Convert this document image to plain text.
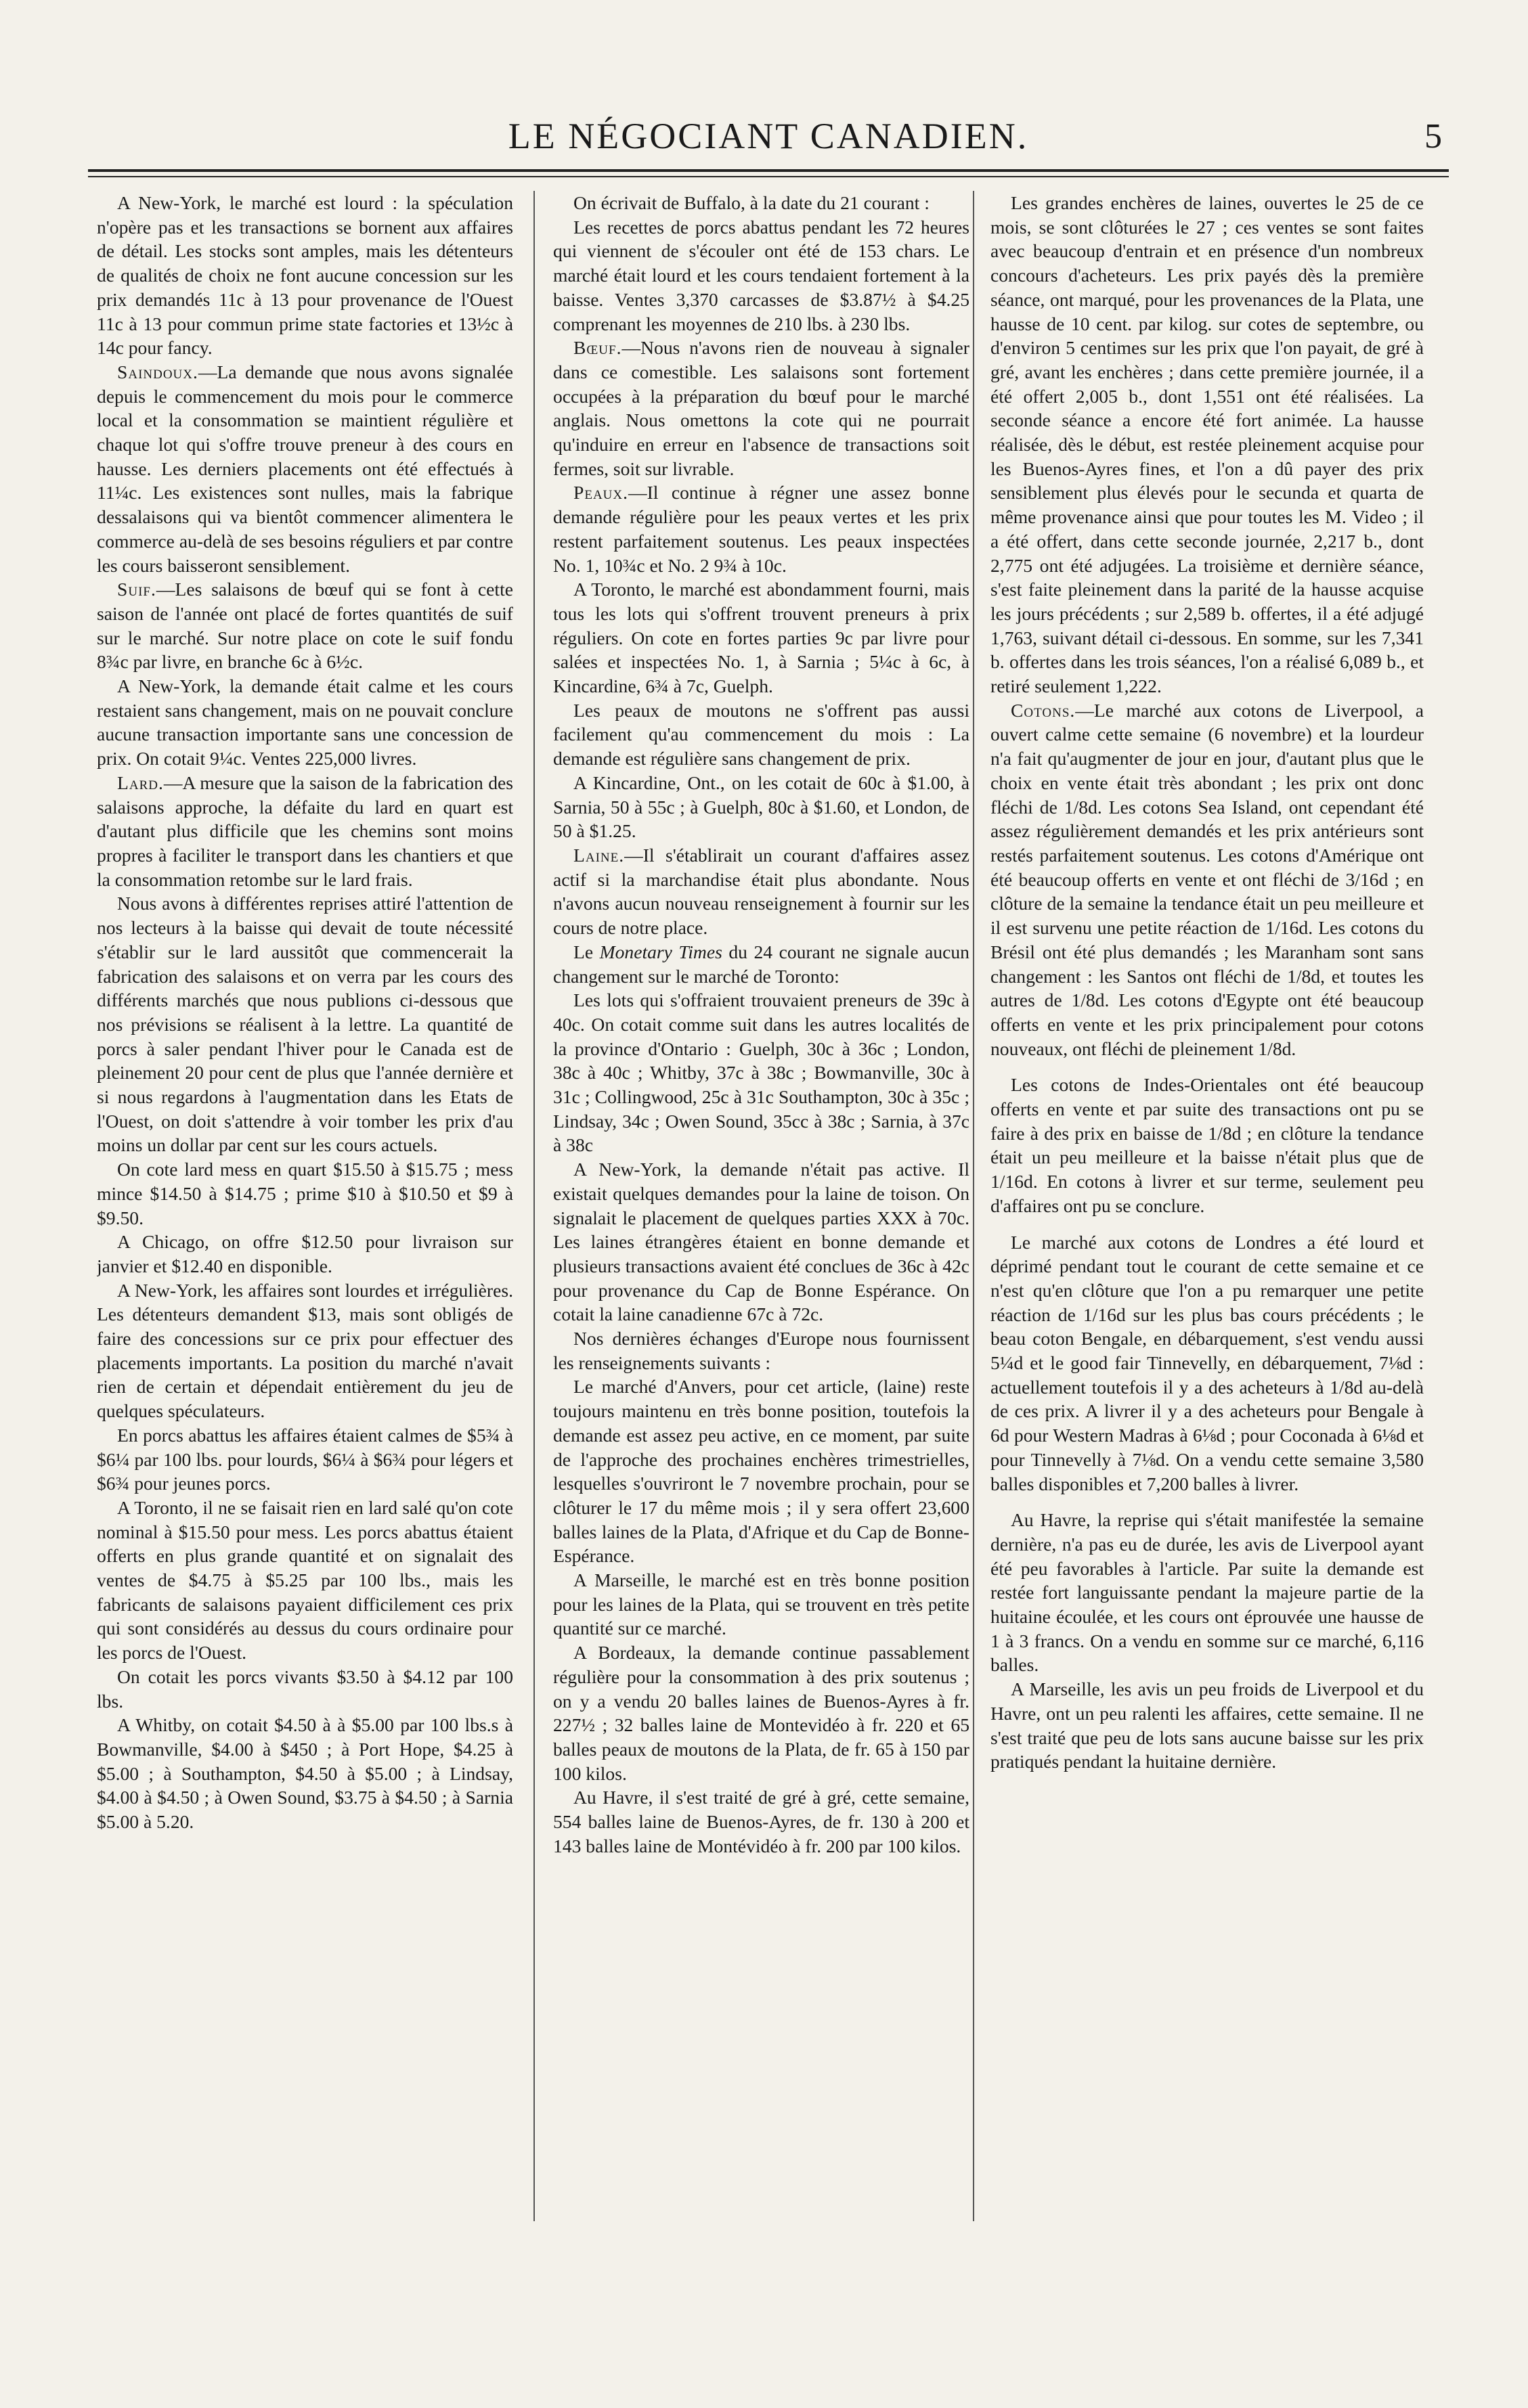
LE NÉGOCIANT CANADIEN.	5

A New-York, le marché est lourd : la spéculation n'opère pas et les transactions se bornent aux affaires de détail. Les stocks sont amples, mais les détenteurs de qualités de choix ne font aucune concession sur les prix demandés 11c à 13 pour provenance de l'Ouest 11c à 13 pour commun prime state factories et 13½c à 14c pour fancy.

Saindoux.—La demande que nous avons signalée depuis le commencement du mois pour le commerce local et la consommation se maintient régulière et chaque lot qui s'offre trouve preneur à des cours en hausse. Les derniers placements ont été effectués à 11¼c. Les existences sont nulles, mais la fabrique dessalaisons qui va bientôt commencer alimentera le commerce au-delà de ses besoins réguliers et par contre les cours baisseront sensiblement.

Suif.—Les salaisons de bœuf qui se font à cette saison de l'année ont placé de fortes quantités de suif sur le marché. Sur notre place on cote le suif fondu 8¾c par livre, en branche 6c à 6½c.

A New-York, la demande était calme et les cours restaient sans changement, mais on ne pouvait conclure aucune transaction importante sans une concession de prix. On cotait 9¼c. Ventes 225,000 livres.

Lard.—A mesure que la saison de la fabrication des salaisons approche, la défaite du lard en quart est d'autant plus difficile que les chemins sont moins propres à faciliter le transport dans les chantiers et que la consommation retombe sur le lard frais.

Nous avons à différentes reprises attiré l'attention de nos lecteurs à la baisse qui devait de toute nécessité s'établir sur le lard aussitôt que commencerait la fabrication des salaisons et on verra par les cours des différents marchés que nous publions ci-dessous que nos prévisions se réalisent à la lettre. La quantité de porcs à saler pendant l'hiver pour le Canada est de pleinement 20 pour cent de plus que l'année dernière et si nous regardons à l'augmentation dans les Etats de l'Ouest, on doit s'attendre à voir tomber les prix d'au moins un dollar par cent sur les cours actuels.

On cote lard mess en quart $15.50 à $15.75 ; mess mince $14.50 à $14.75 ; prime $10 à $10.50 et $9 à $9.50.

A Chicago, on offre $12.50 pour livraison sur janvier et $12.40 en disponible.

A New-York, les affaires sont lourdes et irrégulières. Les détenteurs demandent $13, mais sont obligés de faire des concessions sur ce prix pour effectuer des placements importants. La position du marché n'avait rien de certain et dépendait entièrement du jeu de quelques spéculateurs.

En porcs abattus les affaires étaient calmes de $5¾ à $6¼ par 100 lbs. pour lourds, $6¼ à $6¾ pour légers et $6¾ pour jeunes porcs.

A Toronto, il ne se faisait rien en lard salé qu'on cote nominal à $15.50 pour mess. Les porcs abattus étaient offerts en plus grande quantité et on signalait des ventes de $4.75 à $5.25 par 100 lbs., mais les fabricants de salaisons payaient difficilement ces prix qui sont considérés au dessus du cours ordinaire pour les porcs de l'Ouest.

On cotait les porcs vivants $3.50 à $4.12 par 100 lbs.

A Whitby, on cotait $4.50 à à $5.00 par 100 lbs.s à Bowmanville, $4.00 à $450 ; à Port Hope, $4.25 à $5.00 ; à Southampton, $4.50 à $5.00 ; à Lindsay, $4.00 à $4.50 ; à Owen Sound, $3.75 à $4.50 ; à Sarnia $5.00 à 5.20.

On écrivait de Buffalo, à la date du 21 courant :

Les recettes de porcs abattus pendant les 72 heures qui viennent de s'écouler ont été de 153 chars. Le marché était lourd et les cours tendaient fortement à la baisse. Ventes 3,370 carcasses de $3.87½ à $4.25 comprenant les moyennes de 210 lbs. à 230 lbs.

Bœuf.—Nous n'avons rien de nouveau à signaler dans ce comestible. Les salaisons sont fortement occupées à la préparation du bœuf pour le marché anglais. Nous omettons la cote qui ne pourrait qu'induire en erreur en l'absence de transactions soit fermes, soit sur livrable.

Peaux.—Il continue à régner une assez bonne demande régulière pour les peaux vertes et les prix restent parfaitement soutenus. Les peaux inspectées No. 1, 10¾c et No. 2 9¾ à 10c.

A Toronto, le marché est abondamment fourni, mais tous les lots qui s'offrent trouvent preneurs à prix réguliers. On cote en fortes parties 9c par livre pour salées et inspectées No. 1, à Sarnia ; 5¼c à 6c, à Kincardine, 6¾ à 7c, Guelph.

Les peaux de moutons ne s'offrent pas aussi facilement qu'au commencement du mois : La demande est régulière sans changement de prix.

A Kincardine, Ont., on les cotait de 60c à $1.00, à Sarnia, 50 à 55c ; à Guelph, 80c à $1.60, et London, de 50 à $1.25.

Laine.—Il s'établirait un courant d'affaires assez actif si la marchandise était plus abondante. Nous n'avons aucun nouveau renseignement à fournir sur les cours de notre place.

Le Monetary Times du 24 courant ne signale aucun changement sur le marché de Toronto:

Les lots qui s'offraient trouvaient preneurs de 39c à 40c. On cotait comme suit dans les autres localités de la province d'Ontario : Guelph, 30c à 36c ; London, 38c à 40c ; Whitby, 37c à 38c ; Bowmanville, 30c à 31c ; Collingwood, 25c à 31c Southampton, 30c à 35c ; Lindsay, 34c ; Owen Sound, 35cc à 38c ; Sarnia, à 37c à 38c

A New-York, la demande n'était pas active. Il existait quelques demandes pour la laine de toison. On signalait le placement de quelques parties XXX à 70c. Les laines étrangères étaient en bonne demande et plusieurs transactions avaient été conclues de 36c à 42c pour provenance du Cap de Bonne Espérance. On cotait la laine canadienne 67c à 72c.

Nos dernières échanges d'Europe nous fournissent les renseignements suivants :

Le marché d'Anvers, pour cet article, (laine) reste toujours maintenu en très bonne position, toutefois la demande est assez peu active, en ce moment, par suite de l'approche des prochaines enchères trimestrielles, lesquelles s'ouvriront le 7 novembre prochain, pour se clôturer le 17 du même mois ; il y sera offert 23,600 balles laines de la Plata, d'Afrique et du Cap de Bonne-Espérance.

A Marseille, le marché est en très bonne position pour les laines de la Plata, qui se trouvent en très petite quantité sur ce marché.

A Bordeaux, la demande continue passablement régulière pour la consommation à des prix soutenus ; on y a vendu 20 balles laines de Buenos-Ayres à fr. 227½ ; 32 balles laine de Montevidéo à fr. 220 et 65 balles peaux de moutons de la Plata, de fr. 65 à 150 par 100 kilos.

Au Havre, il s'est traité de gré à gré, cette semaine, 554 balles laine de Buenos-Ayres, de fr. 130 à 200 et 143 balles laine de Montévidéo à fr. 200 par 100 kilos.

Les grandes enchères de laines, ouvertes le 25 de ce mois, se sont clôturées le 27 ; ces ventes se sont faites avec beaucoup d'entrain et en présence d'un nombreux concours d'acheteurs. Les prix payés dès la première séance, ont marqué, pour les provenances de la Plata, une hausse de 10 cent. par kilog. sur cotes de septembre, ou d'environ 5 centimes sur les prix que l'on payait, de gré à gré, avant les enchères ; dans cette première journée, il a été offert 2,005 b., dont 1,551 ont été réalisées. La seconde séance a encore été fort animée. La hausse réalisée, dès le début, est restée pleinement acquise pour les Buenos-Ayres fines, et l'on a dû payer des prix sensiblement plus élevés pour le secunda et quarta de même provenance ainsi que pour toutes les M. Video ; il a été offert, dans cette seconde journée, 2,217 b., dont 2,775 ont été adjugées. La troisième et dernière séance, s'est faite pleinement dans la parité de la hausse acquise les jours précédents ; sur 2,589 b. offertes, il a été adjugé 1,763, suivant détail ci-dessous. En somme, sur les 7,341 b. offertes dans les trois séances, l'on a réalisé 6,089 b., et retiré seulement 1,222.

Cotons.—Le marché aux cotons de Liverpool, a ouvert calme cette semaine (6 novembre) et la lourdeur n'a fait qu'augmenter de jour en jour, d'autant plus que le choix en vente était très abondant ; les prix ont donc fléchi de 1/8d. Les cotons Sea Island, ont cependant été assez régulièrement demandés et les prix antérieurs sont restés parfaitement soutenus. Les cotons d'Amérique ont été beaucoup offerts en vente et ont fléchi de 3/16d ; en clôture de la semaine la tendance était un peu meilleure et il est survenu une petite réaction de 1/16d. Les cotons du Brésil ont été plus demandés ; les Maranham sont sans changement : les Santos ont fléchi de 1/8d, et toutes les autres de 1/8d. Les cotons d'Egypte ont été beaucoup offerts en vente et les prix principalement pour cotons nouveaux, ont fléchi de pleinement 1/8d.

Les cotons de Indes-Orientales ont été beaucoup offerts en vente et par suite des transactions ont pu se faire à des prix en baisse de 1/8d ; en clôture la tendance était un peu meilleure et la baisse n'était plus que de 1/16d. En cotons à livrer et sur terme, seulement peu d'affaires ont pu se conclure.

Le marché aux cotons de Londres a été lourd et déprimé pendant tout le courant de cette semaine et ce n'est qu'en clôture que l'on a pu remarquer une petite réaction de 1/16d sur les plus bas cours précédents ; le beau coton Bengale, en débarquement, s'est vendu aussi 5¼d et le good fair Tinnevelly, en débarquement, 7⅛d : actuellement toutefois il y a des acheteurs à 1/8d au-delà de ces prix. A livrer il y a des acheteurs pour Bengale à 6d pour Western Madras à 6⅛d ; pour Coconada à 6⅛d et pour Tinnevelly à 7⅛d. On a vendu cette semaine 3,580 balles disponibles et 7,200 balles à livrer.

Au Havre, la reprise qui s'était manifestée la semaine dernière, n'a pas eu de durée, les avis de Liverpool ayant été peu favorables à l'article. Par suite la demande est restée fort languissante pendant la majeure partie de la huitaine écoulée, et les cours ont éprouvée une hausse de 1 à 3 francs. On a vendu en somme sur ce marché, 6,116 balles.

A Marseille, les avis un peu froids de Liverpool et du Havre, ont un peu ralenti les affaires, cette semaine. Il ne s'est traité que peu de lots sans aucune baisse sur les prix pratiqués pendant la huitaine dernière.
